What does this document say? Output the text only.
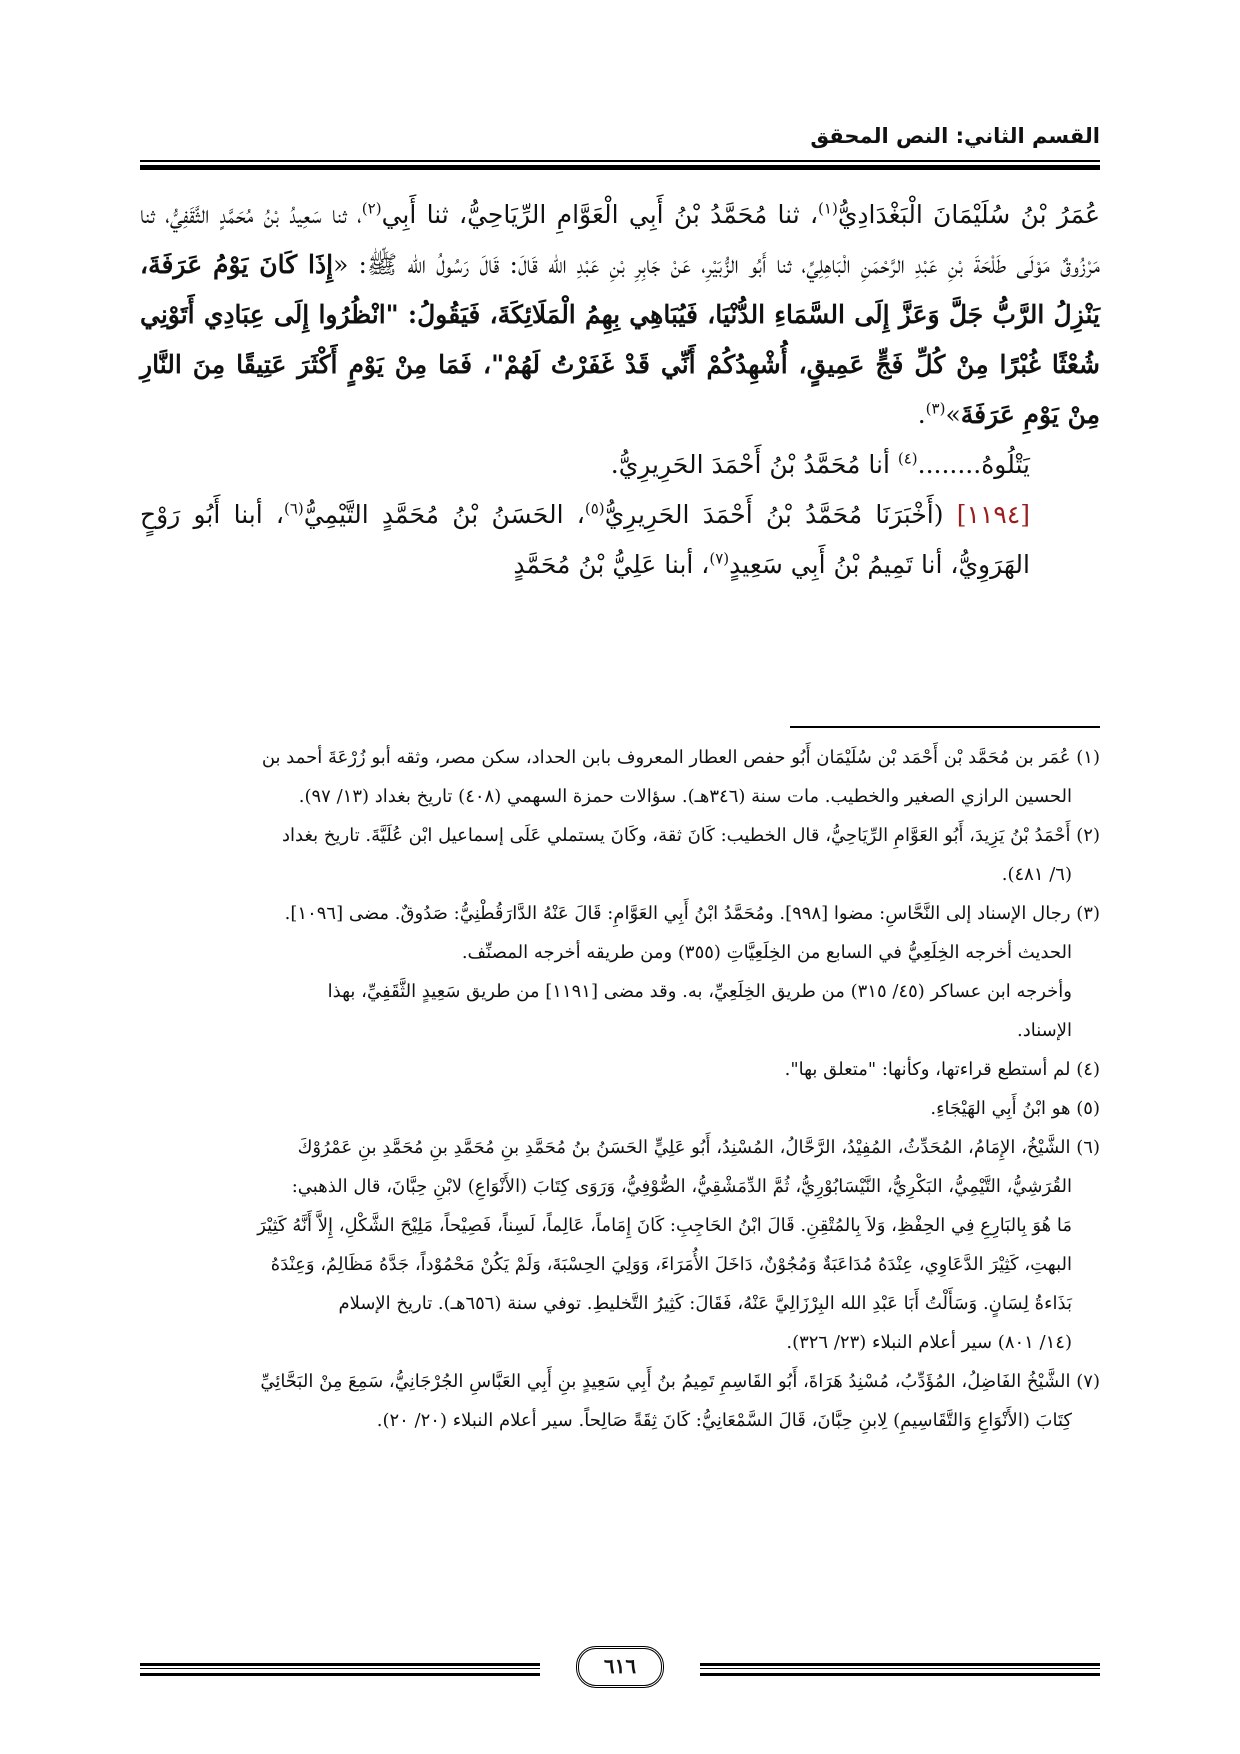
القسم الثاني: النص المحقق

عُمَرُ بْنُ سُلَيْمَانَ الْبَغْدَادِيُّ$^{(١)}$، ثنا مُحَمَّدُ بْنُ أَبِي الْعَوَّامِ الرِّيَاحِيُّ، ثنا أَبِي$^{(٢)}$، ثنا سَعِيدُ بْنُ مُحَمَّدٍ الثَّقَفِيُّ، ثنا مَرْزُوقٌ مَوْلَى طَلْحَةَ بْنِ عَبْدِ الرَّحْمَنِ الْبَاهِلِيِّ، ثنا أَبُو الزُّبَيْرِ، عَنْ جَابِرِ بْنِ عَبْدِ الله قَالَ: قَالَ رَسُولُ الله ﷺ: «إِذَا كَانَ يَوْمُ عَرَفَةَ، يَنْزِلُ الرَّبُّ جَلَّ وَعَزَّ إِلَى السَّمَاءِ الدُّنْيَا، فَيُبَاهِي بِهِمُ الْمَلَائِكَةَ، فَيَقُولُ: "انْظُرُوا إِلَى عِبَادِي أَتَوْنِي شُعْثًا غُبْرًا مِنْ كُلِّ فَجٍّ عَمِيقٍ، أُشْهِدُكُمْ أَنِّي قَدْ غَفَرْتُ لَهُمْ"، فَمَا مِنْ يَوْمٍ أَكْثَرَ عَتِيقًا مِنَ النَّارِ مِنْ يَوْمِ عَرَفَةَ»$^{(٣)}$.

يَتْلُوهُ........$^{(٤)}$ أنا مُحَمَّدُ بْنُ أَحْمَدَ الحَرِيرِيُّ.

[١١٩٤] (أَخْبَرَنَا مُحَمَّدُ بْنُ أَحْمَدَ الحَرِيرِيُّ$^{(٥)}$، الحَسَنُ بْنُ مُحَمَّدٍ التَّيْمِيُّ$^{(٦)}$، أبنا أَبُو رَوْحٍ الهَرَوِيُّ، أنا تَمِيمُ بْنُ أَبِي سَعِيدٍ$^{(٧)}$، أبنا عَلِيُّ بْنُ مُحَمَّدٍ

(١) عُمَر بن مُحَمَّد بْن أَحْمَد بْن سُلَيْمَان أَبُو حفص العطار المعروف بابن الحداد، سكن مصر، وثقه أبو زُرْعَةَ أحمد بن

الحسين الرازي الصغير والخطيب. مات سنة (٣٤٦هـ). سؤالات حمزة السهمي (٤٠٨) تاريخ بغداد (١٣/ ٩٧).

(٢) أَحْمَدُ بْنُ يَزِيدَ، أَبُو العَوَّامِ الرِّيَاحِيُّ، قال الخطيب: كَانَ ثقة، وكَانَ يستملي عَلَى إسماعيل ابْن عُلَيَّةَ. تاريخ بغداد

(٦/ ٤٨١).

(٣) رجال الإسناد إلى النَّحَّاسِ: مضوا [٩٩٨]. ومُحَمَّدُ ابْنُ أَبِي العَوَّامِ: قَالَ عَنْهُ الدَّارَقُطْنِيُّ: صَدُوقٌ. مضى [١٠٩٦].

الحديث أخرجه الخِلَعِيُّ في السابع من الخِلَعِيَّاتِ (٣٥٥) ومن طريقه أخرجه المصنِّف.

وأخرجه ابن عساكر (٤٥/ ٣١٥) من طريق الخِلَعِيِّ، به. وقد مضى [١١٩١] من طريق سَعِيدٍ الثَّقَفِيِّ، بهذا

الإسناد.

(٤) لم أستطع قراءتها، وكأنها: "متعلق بها".

(٥) هو ابْنُ أَبِي الهَيْجَاءِ.

(٦) الشَّيْخُ، الإِمَامُ، المُحَدِّثُ، المُفِيْدُ، الرَّحَّالُ، المُسْنِدُ، أَبُو عَلِيٍّ الحَسَنُ بنُ مُحَمَّدِ بنِ مُحَمَّدِ بنِ مُحَمَّدِ بنِ عَمْرُوْكَ

القُرَشِيُّ، التَّيْمِيُّ، البَكْرِيُّ، النَّيْسَابُوْرِيُّ، ثُمَّ الدِّمَشْقِيُّ، الصُّوْفِيُّ، وَرَوَى كِتَابَ (الأَنْوَاعِ) لابْنِ حِبَّانَ، قال الذهبي:

مَا هُوَ بِالبَارِعِ فِي الحِفْظِ، وَلاَ بِالمُتْقِنِ. قَالَ ابْنُ الحَاجِبِ: كَانَ إِمَاماً، عَالِماً، لَسِناً، فَصِيْحاً، مَلِيْحَ الشَّكْلِ، إِلاَّ أَنَّهُ كَثِيْرَ

البهتِ، كَثِيْرَ الدَّعَاوِي، عِنْدَهُ مُدَاعَبَةٌ وَمُجُوْنٌ، دَاخَلَ الأُمَرَاءَ، وَوَلِيَ الحِسْبَةَ، وَلَمْ يَكُنْ مَحْمُوْداً، جَدَّهُ مَظَالِمُ، وَعِنْدَهُ

بَذَاءةُ لِسَانٍ. وَسَأَلْتُ أَبَا عَبْدِ الله البِرْزَالِيَّ عَنْهُ، فَقَالَ: كَثِيرُ التَّخليطِ. توفي سنة (٦٥٦هـ). تاريخ الإسلام

(١٤/ ٨٠١) سير أعلام النبلاء (٢٣/ ٣٢٦).

(٧) الشَّيْخُ الفَاضِلُ، المُؤَدِّبُ، مُسْنِدُ هَرَاةَ، أَبُو القَاسِمِ تَمِيمُ بنُ أَبِي سَعِيدٍ بنِ أَبِي العَبَّاسِ الجُرْجَانِيُّ، سَمِعَ مِنْ البَحَّائِيِّ

كِتَابَ (الأَنْوَاعِ وَالتَّقَاسِيمِ) لِابنِ حِبَّانَ، قَالَ السَّمْعَانِيُّ: كَانَ ثِقَةً صَالِحاً. سير أعلام النبلاء (٢٠/ ٢٠).

٦١٦
